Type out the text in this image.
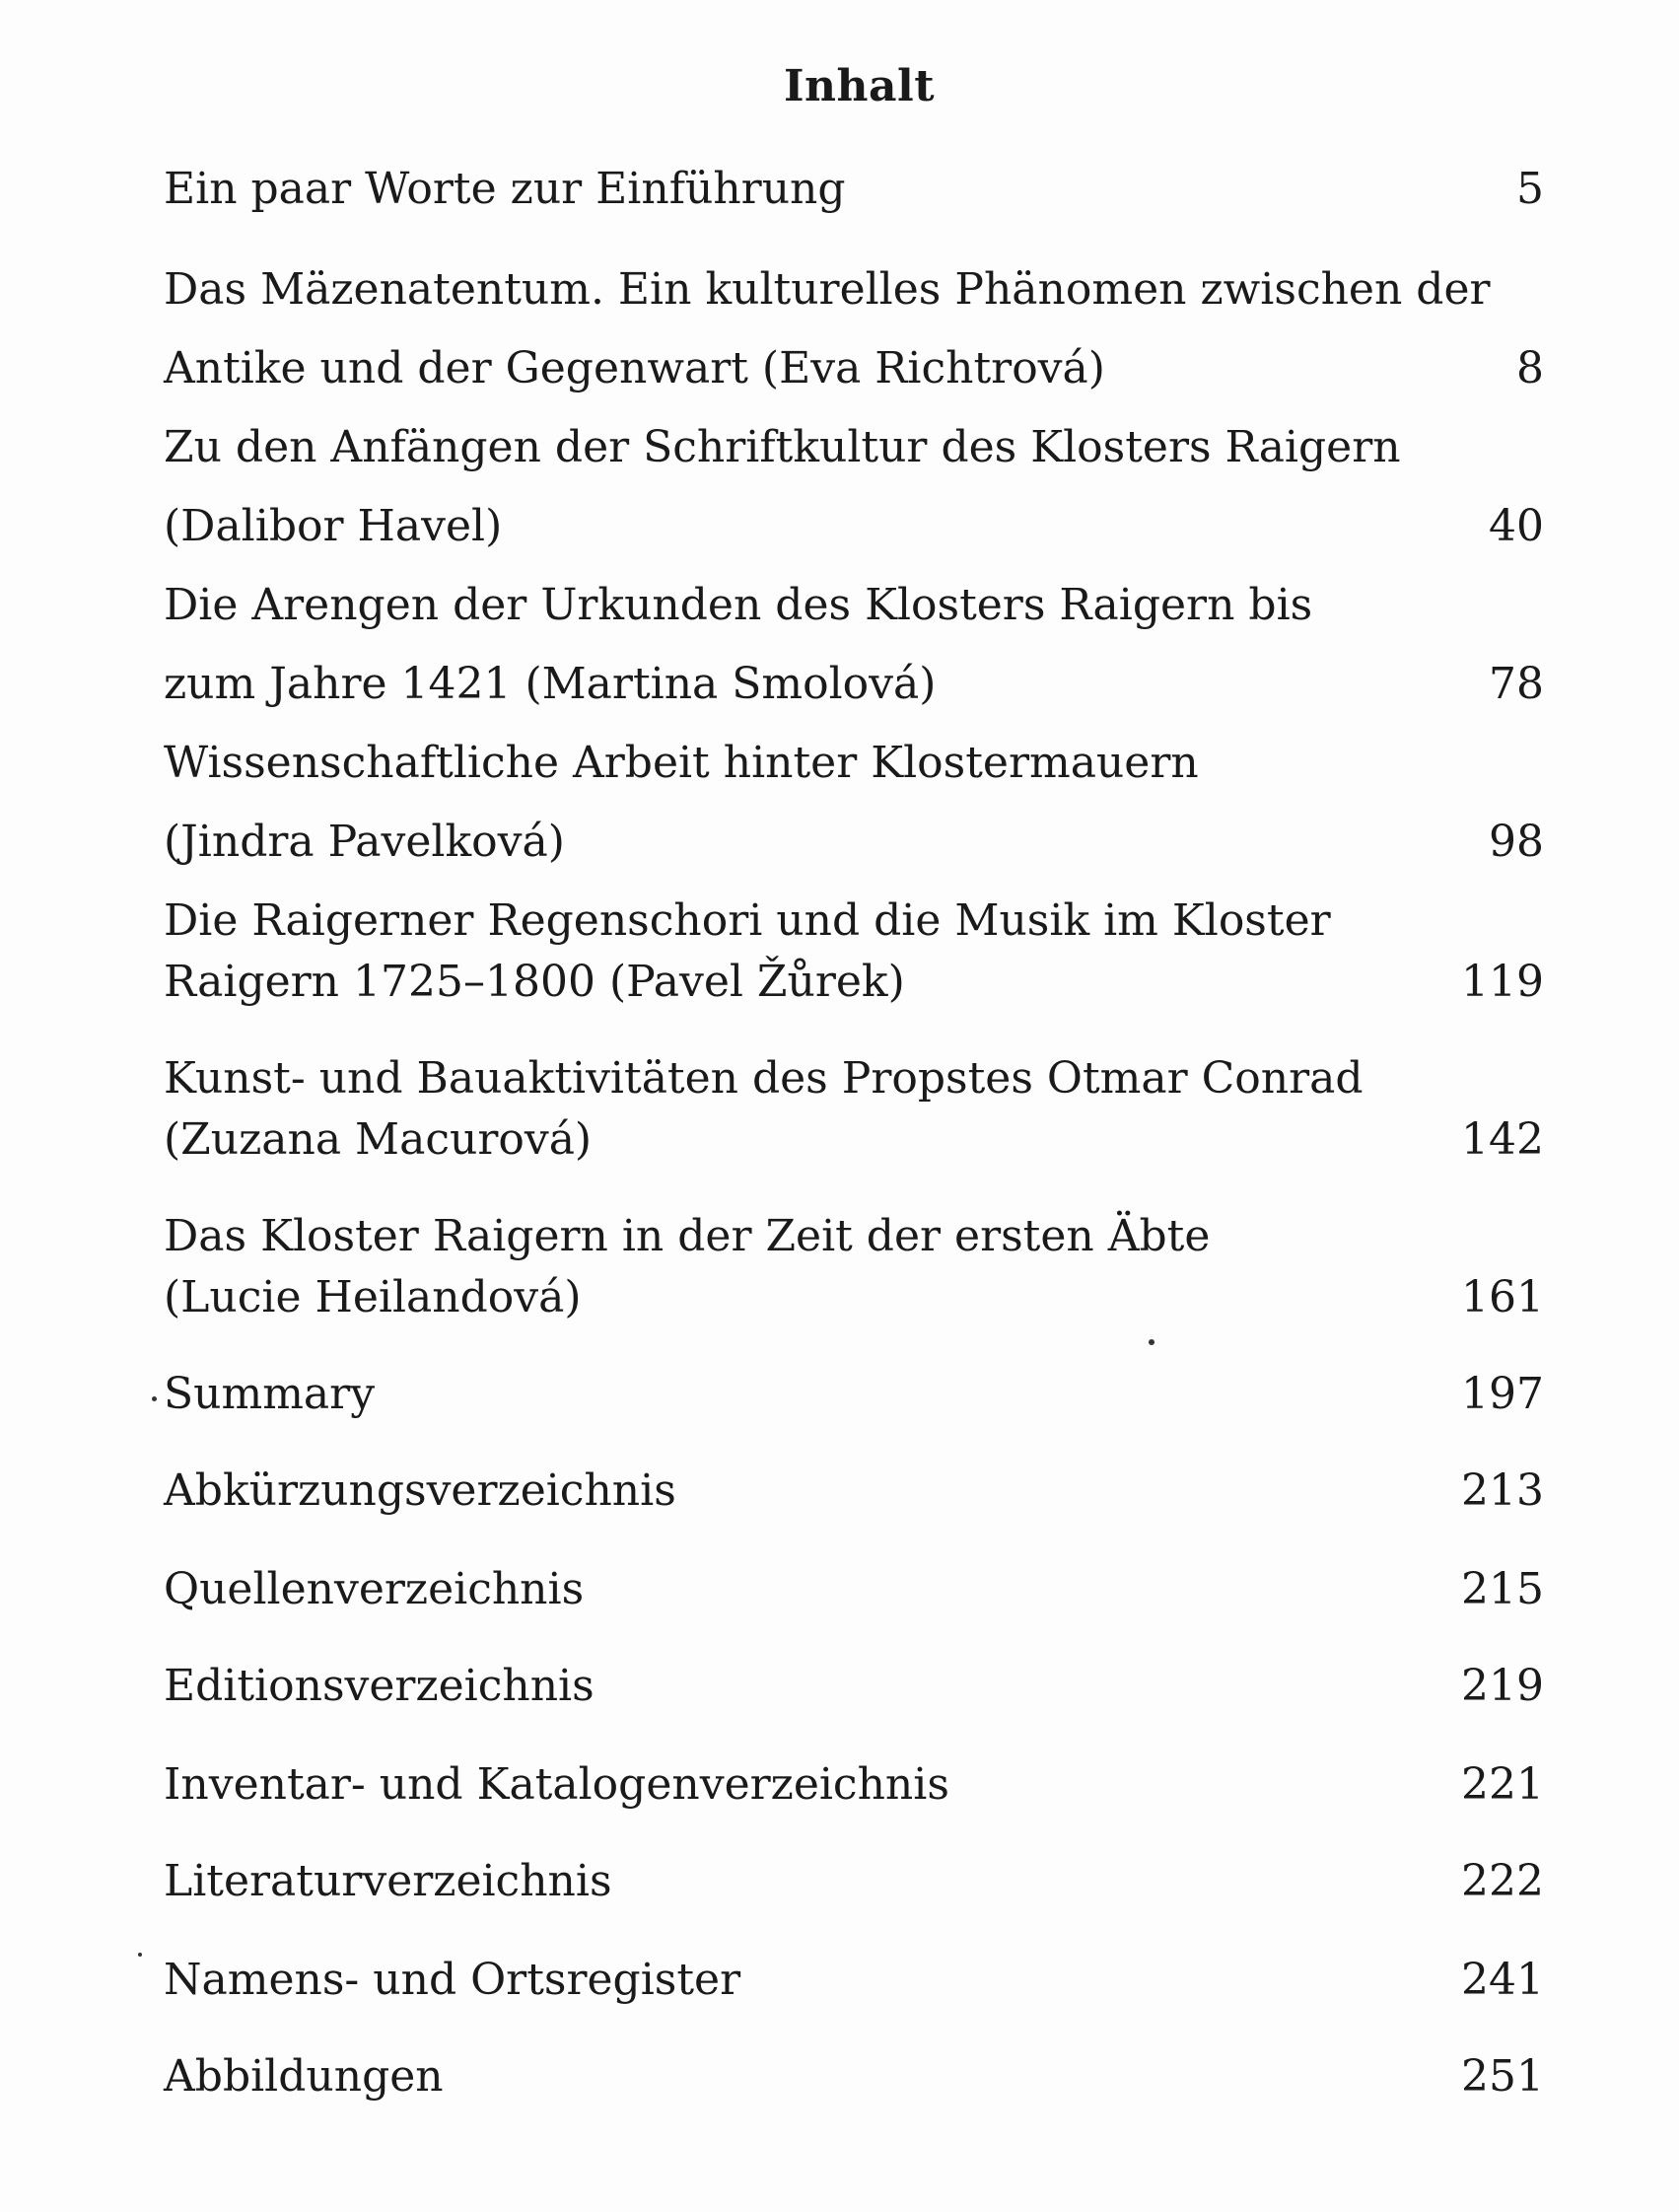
Inhalt
Ein paar Worte zur Einführung	5
Das Mäzenatentum. Ein kulturelles Phänomen zwischen der
Antike und der Gegenwart (Eva Richtrová)	8
Zu den Anfängen der Schriftkultur des Klosters Raigern
(Dalibor Havel)	40
Die Arengen der Urkunden des Klosters Raigern bis
zum Jahre 1421 (Martina Smolová)	78
Wissenschaftliche Arbeit hinter Klostermauern
(Jindra Pavelková)	98
Die Raigerner Regenschori und die Musik im Kloster
Raigern 1725–1800 (Pavel Žůrek)	119
Kunst- und Bauaktivitäten des Propstes Otmar Conrad
(Zuzana Macurová)	142
Das Kloster Raigern in der Zeit der ersten Äbte
(Lucie Heilandová)	161
Summary	197
Abkürzungsverzeichnis	213
Quellenverzeichnis	215
Editionsverzeichnis	219
Inventar- und Katalogenverzeichnis	221
Literaturverzeichnis	222
Namens- und Ortsregister	241
Abbildungen	251
